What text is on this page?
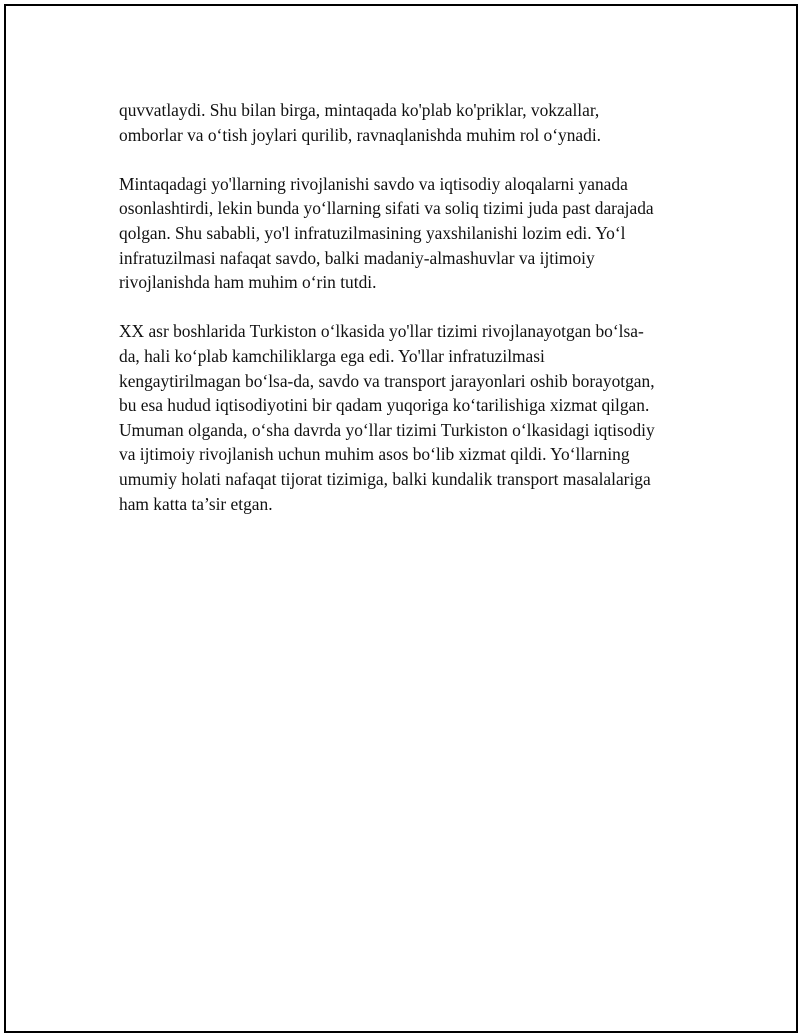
quvvatlaydi. Shu bilan birga, mintaqada ko'plab ko'priklar, vokzallar,
omborlar va o‘tish joylari qurilib, ravnaqlanishda muhim rol o‘ynadi.

Mintaqadagi yo'llarning rivojlanishi savdo va iqtisodiy aloqalarni yanada
osonlashtirdi, lekin bunda yo‘llarning sifati va soliq tizimi juda past darajada
qolgan. Shu sababli, yo'l infratuzilmasining yaxshilanishi lozim edi. Yo‘l
infratuzilmasi nafaqat savdo, balki madaniy-almashuvlar va ijtimoiy
rivojlanishda ham muhim o‘rin tutdi.

XX asr boshlarida Turkiston o‘lkasida yo'llar tizimi rivojlanayotgan bo‘lsa-
da, hali ko‘plab kamchiliklarga ega edi. Yo'llar infratuzilmasi
kengaytirilmagan bo‘lsa-da, savdo va transport jarayonlari oshib borayotgan,
bu esa hudud iqtisodiyotini bir qadam yuqoriga ko‘tarilishiga xizmat qilgan.
Umuman olganda, o‘sha davrda yo‘llar tizimi Turkiston o‘lkasidagi iqtisodiy
va ijtimoiy rivojlanish uchun muhim asos bo‘lib xizmat qildi. Yo‘llarning
umumiy holati nafaqat tijorat tizimiga, balki kundalik transport masalalariga
ham katta ta’sir etgan.
